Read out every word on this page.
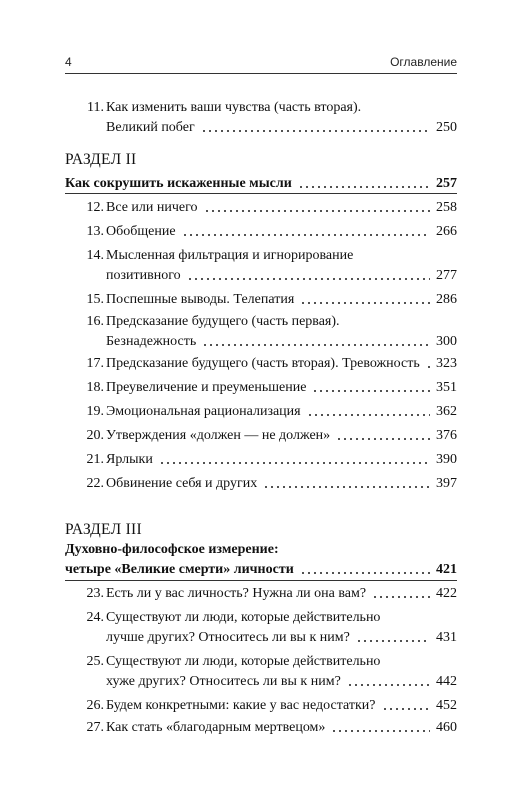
4	Оглавление
11. Как изменить ваши чувства (часть вторая).
Великий побег	250
РАЗДЕЛ II
Как сокрушить искаженные мысли	257
12. Все или ничего	258
13. Обобщение	266
14. Мысленная фильтрация и игнорирование
позитивного	277
15. Поспешные выводы. Телепатия	286
16. Предсказание будущего (часть первая).
Безнадежность	300
17. Предсказание будущего (часть вторая). Тревожность 323
18. Преувеличение и преуменьшение	351
19. Эмоциональная рационализация	362
20. Утверждения «должен — не должен»	376
21. Ярлыки	390
22. Обвинение себя и других	397
РАЗДЕЛ III
Духовно-философское измерение:
четыре «Великие смерти» личности	421
23. Есть ли у вас личность? Нужна ли она вам?	422
24. Существуют ли люди, которые действительно
лучше других? Относитесь ли вы к ним?	431
25. Существуют ли люди, которые действительно
хуже других? Относитесь ли вы к ним?	442
26. Будем конкретными: какие у вас недостатки?	452
27. Как стать «благодарным мертвецом»	460
